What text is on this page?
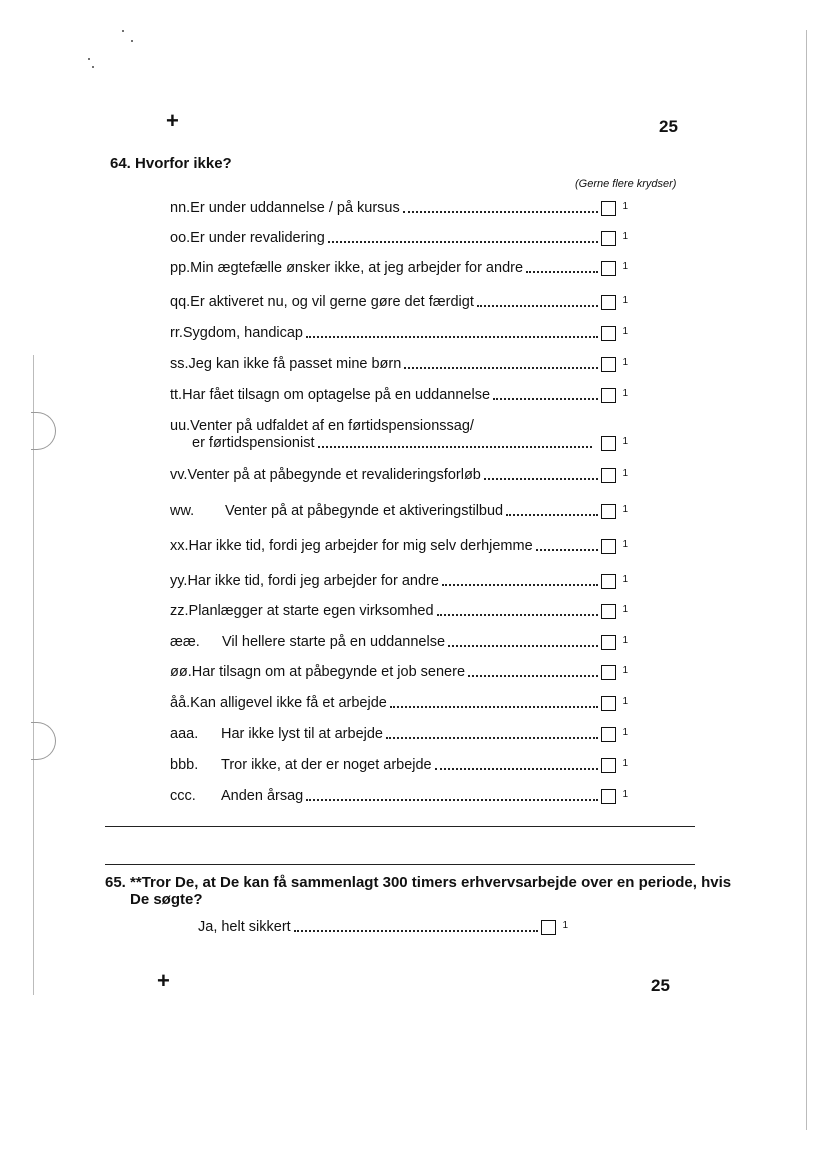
+	25
64. Hvorfor ikke?
(Gerne flere krydser)
nn.Er under uddannelse / på kursus	1
oo.Er under revalidering	1
pp.Min ægtefælle ønsker ikke, at jeg arbejder for andre	1
qq.Er aktiveret nu, og vil gerne gøre det færdigt	1
rr.Sygdom, handicap	1
ss.Jeg kan ikke få passet mine børn	1
tt.Har fået tilsagn om optagelse på en uddannelse	1
uu.Venter på udfaldet af en førtidspensionssag/
er førtidspensionist	1
vv.Venter på at påbegynde et revalideringsforløb	1
ww. Venter på at påbegynde et aktiveringstilbud	1
xx.Har ikke tid, fordi jeg arbejder for mig selv derhjemme	1
yy.Har ikke tid, fordi jeg arbejder for andre	1
zz.Planlægger at starte egen virksomhed	1
ææ. Vil hellere starte på en uddannelse	1
øø.Har tilsagn om at påbegynde et job senere	1
åå.Kan alligevel ikke få et arbejde	1
aaa. Har ikke lyst til at arbejde	1
bbb. Tror ikke, at der er noget arbejde	1
ccc. Anden årsag	1
65. **Tror De, at De kan få sammenlagt 300 timers erhvervsarbejde over en periode, hvis
De søgte?
Ja, helt sikkert	1
+	25
